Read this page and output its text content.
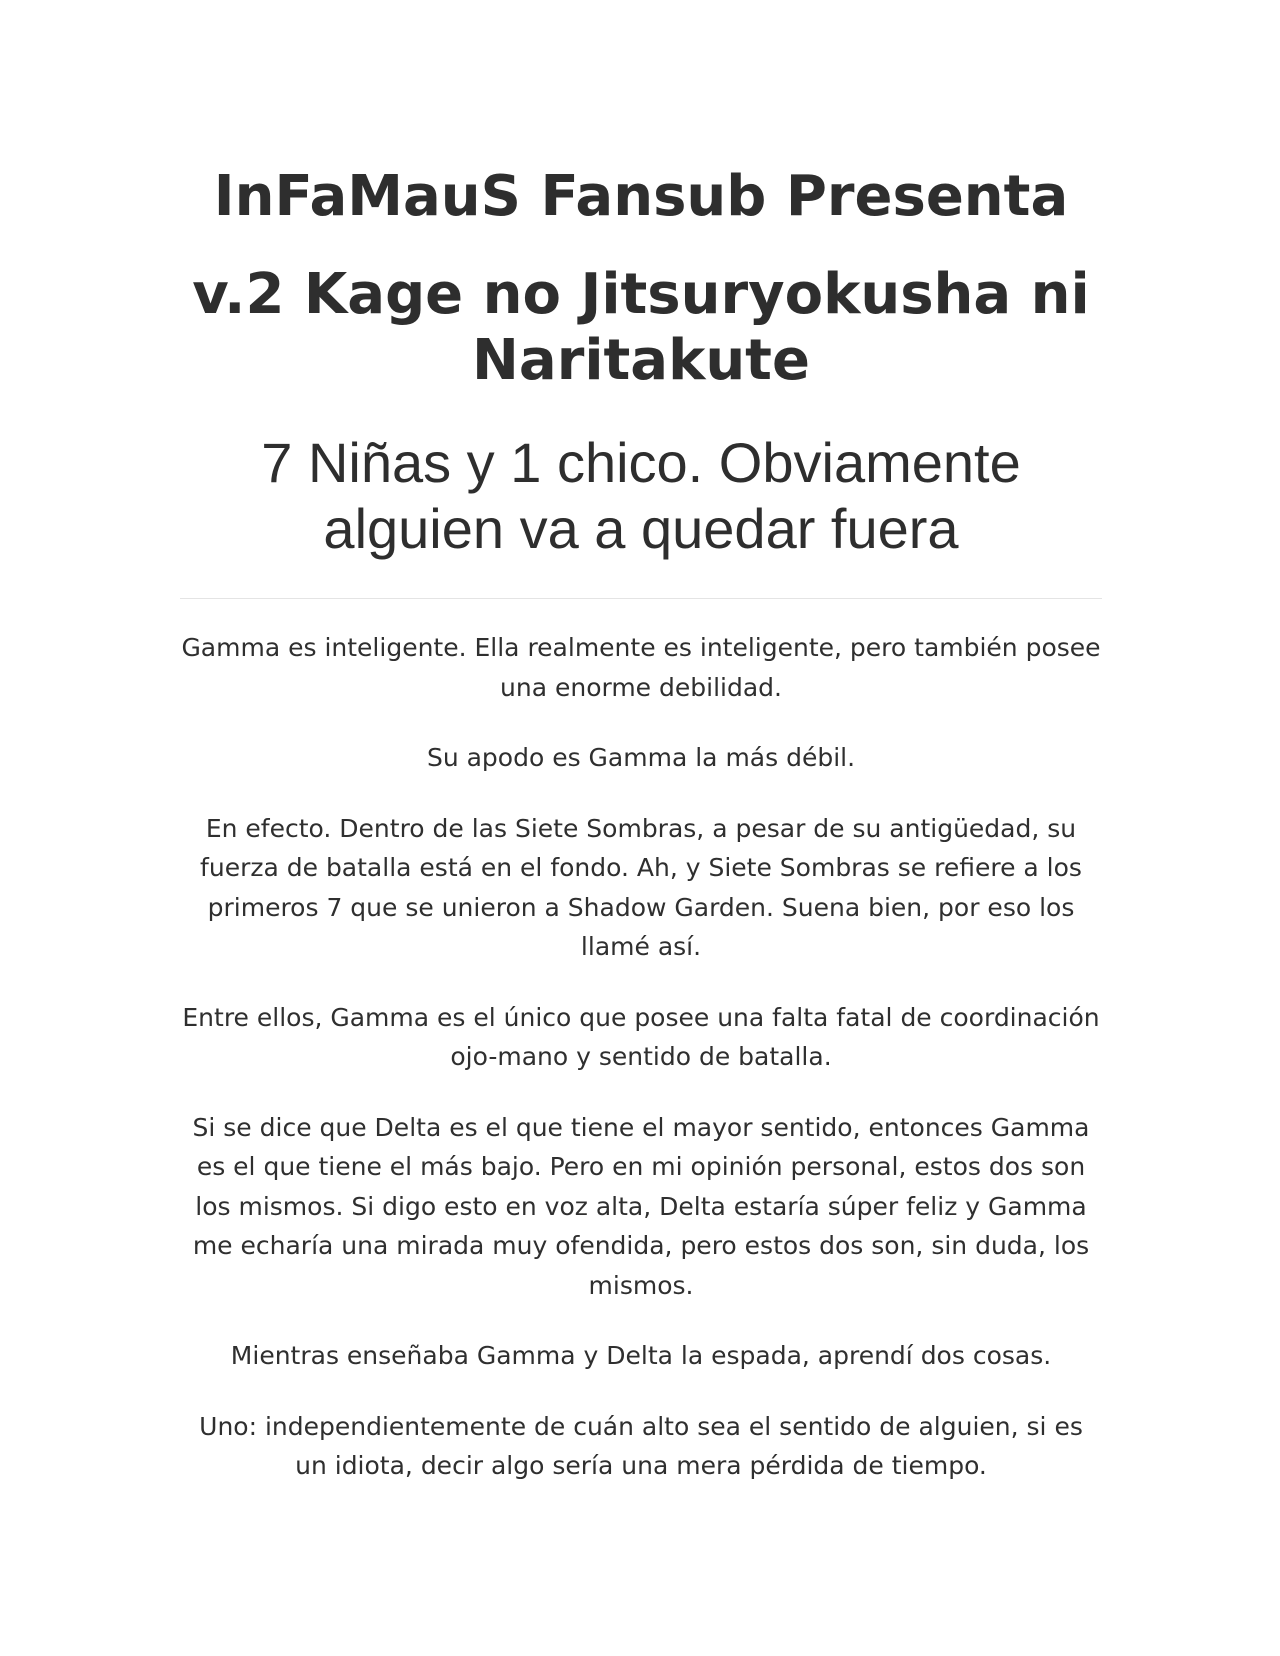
InFaMauS Fansub Presenta
v.2 Kage no Jitsuryokusha ni Naritakute
7 Niñas y 1 chico. Obviamente alguien va a quedar fuera

Gamma es inteligente. Ella realmente es inteligente, pero también posee una enorme debilidad.

Su apodo es Gamma la más débil.

En efecto. Dentro de las Siete Sombras, a pesar de su antigüedad, su fuerza de batalla está en el fondo. Ah, y Siete Sombras se refiere a los primeros 7 que se unieron a Shadow Garden. Suena bien, por eso los llamé así.

Entre ellos, Gamma es el único que posee una falta fatal de coordinación ojo-mano y sentido de batalla.

Si se dice que Delta es el que tiene el mayor sentido, entonces Gamma es el que tiene el más bajo. Pero en mi opinión personal, estos dos son los mismos. Si digo esto en voz alta, Delta estaría súper feliz y Gamma me echaría una mirada muy ofendida, pero estos dos son, sin duda, los mismos.

Mientras enseñaba Gamma y Delta la espada, aprendí dos cosas.

Uno: independientemente de cuán alto sea el sentido de alguien, si es un idiota, decir algo sería una mera pérdida de tiempo.
